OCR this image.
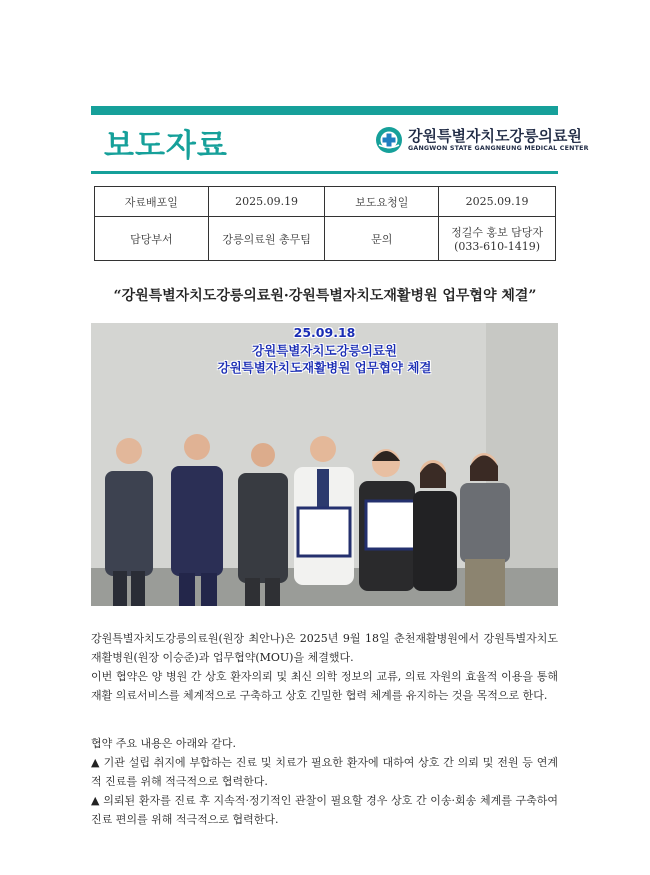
보도자료	강원특별자치도강릉의료원
GANGWON STATE GANGNEUNG MEDICAL CENTER
자료배포일	2025.09.19	보도요청일	2025.09.19
담당부서	강릉의료원 총무팀	문의	정길수 홍보 담당자
(033-610-1419)
“강원특별자치도강릉의료원·강원특별자치도재활병원 업무협약 체결”
25.09.18
강원특별자치도강릉의료원
강원특별자치도재활병원 업무협약 체결

강원특별자치도강릉의료원(원장 최안나)은 2025년 9월 18일 춘천재활병원에서 강원특별자치도재활병원(원장 이승준)과 업무협약(MOU)을 체결했다.

이번 협약은 양 병원 간 상호 환자의뢰 및 최신 의학 정보의 교류, 의료 자원의 효율적 이용을 통해 재활 의료서비스를 체계적으로 구축하고 상호 긴밀한 협력 체계를 유지하는 것을 목적으로 한다.

협약 주요 내용은 아래와 같다.

▲ 기관 설립 취지에 부합하는 진료 및 치료가 필요한 환자에 대하여 상호 간 의뢰 및 전원 등 연계적 진료를 위해 적극적으로 협력한다.

▲ 의뢰된 환자를 진료 후 지속적·정기적인 관찰이 필요할 경우 상호 간 이송·회송 체계를 구축하여 진료 편의를 위해 적극적으로 협력한다.
